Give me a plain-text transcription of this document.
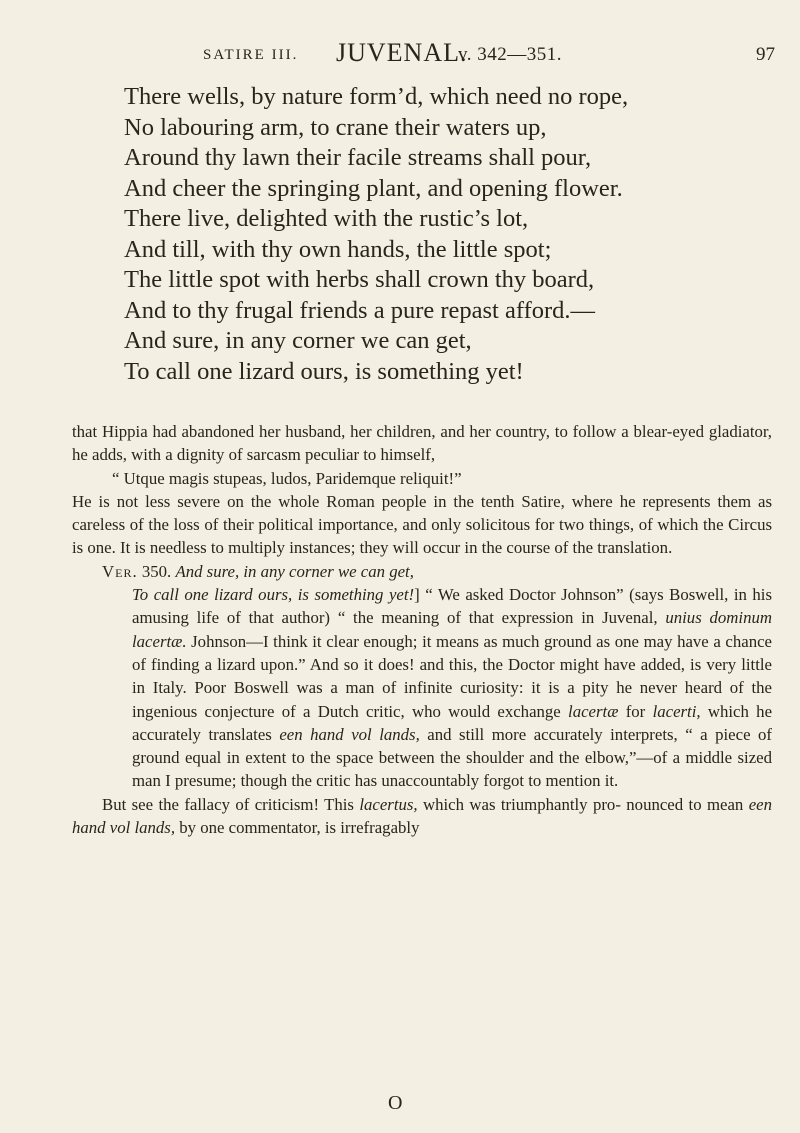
SATIRE III. JUVENAL.
v. 342—351.	97
There wells, by nature form’d, which need no rope,
No labouring arm, to crane their waters up,
Around thy lawn their facile streams shall pour,
And cheer the springing plant, and opening flower.
There live, delighted with the rustic’s lot,
And till, with thy own hands, the little spot;
The little spot with herbs shall crown thy board,
And to thy frugal friends a pure repast afford.—
And sure, in any corner we can get,
To call one lizard ours, is something yet!

that Hippia had abandoned her husband, her children, and her country, to follow a blear-eyed gladiator, he adds, with a dignity of sarcasm peculiar to himself,

“ Utque magis stupeas, ludos, Paridemque reliquit!”

He is not less severe on the whole Roman people in the tenth Satire, where he represents them as careless of the loss of their political importance, and only solicitous for two things, of which the Circus is one. It is needless to multiply instances; they will occur in the course of the translation.

Ver. 350. And sure, in any corner we can get,

To call one lizard ours, is something yet!] “ We asked Doctor Johnson” (says Boswell, in his amusing life of that author) “ the meaning of that expression in Juvenal, unius dominum lacertæ. Johnson—I think it clear enough; it means as much ground as one may have a chance of finding a lizard upon.” And so it does! and this, the Doctor might have added, is very little in Italy. Poor Boswell was a man of infinite curiosity: it is a pity he never heard of the ingenious conjecture of a Dutch critic, who would exchange lacertæ for lacerti, which he accurately translates een hand vol lands, and still more accurately interprets, “ a piece of ground equal in extent to the space between the shoulder and the elbow,”—of a middle sized man I presume; though the critic has unaccountably forgot to mention it.

But see the fallacy of criticism! This lacertus, which was triumphantly pro- nounced to mean een hand vol lands, by one commentator, is irrefragably

O
